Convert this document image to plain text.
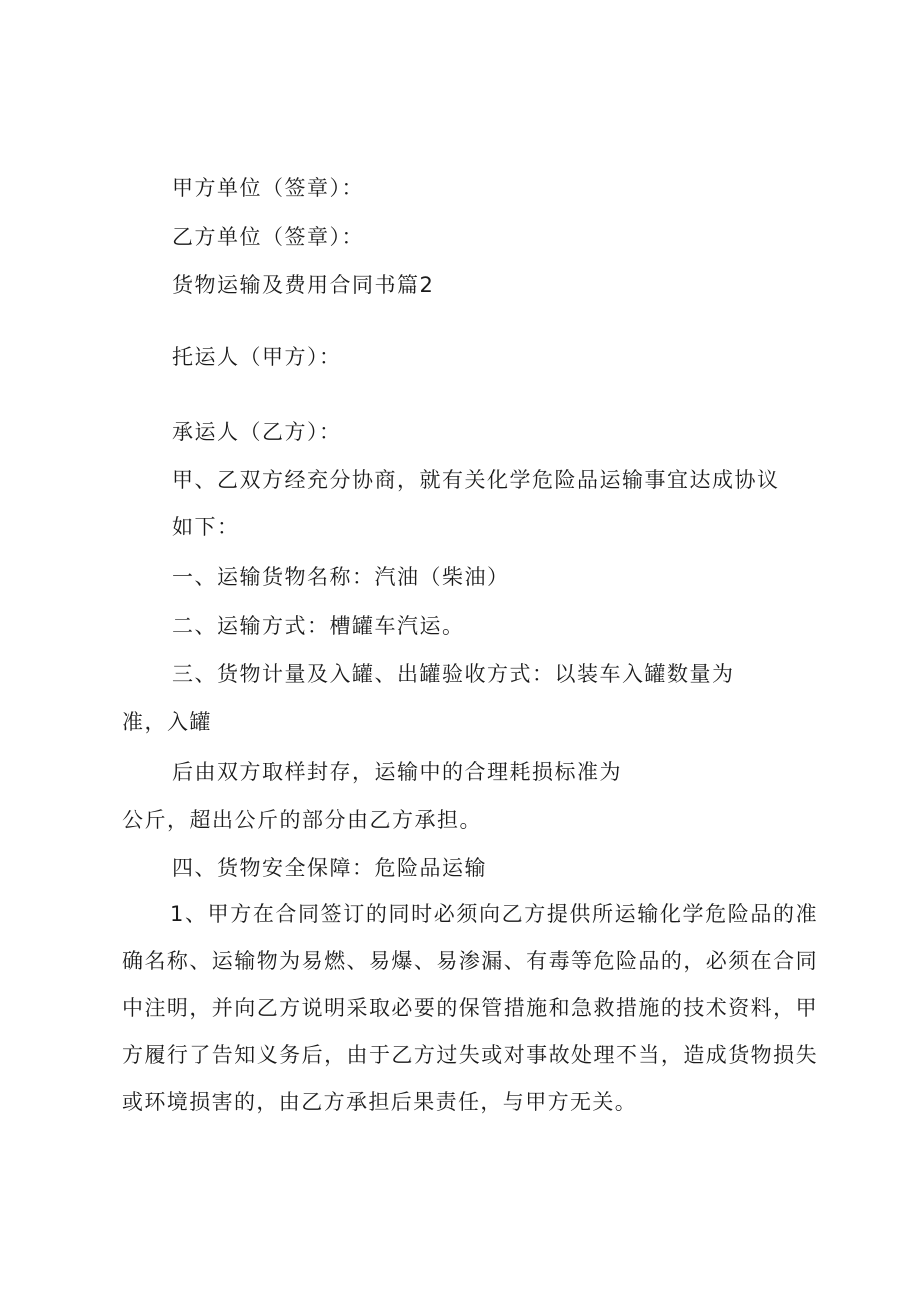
甲方单位（签章）：

乙方单位（签章）：

货物运输及费用合同书篇2

托运人（甲方）：

承运人（乙方）：

甲、乙双方经充分协商，就有关化学危险品运输事宜达成协议

如下：

一、运输货物名称：汽油（柴油）

二、运输方式：槽罐车汽运。

三、货物计量及入罐、出罐验收方式：以装车入罐数量为

准，入罐

后由双方取样封存，运输中的合理耗损标准为

公斤，超出公斤的部分由乙方承担。

四、货物安全保障：危险品运输

1、甲方在合同签订的同时必须向乙方提供所运输化学危险品的准确名称、运输物为易燃、易爆、易渗漏、有毒等危险品的，必须在合同中注明，并向乙方说明采取必要的保管措施和急救措施的技术资料，甲方履行了告知义务后，由于乙方过失或对事故处理不当，造成货物损失或环境损害的，由乙方承担后果责任，与甲方无关。
